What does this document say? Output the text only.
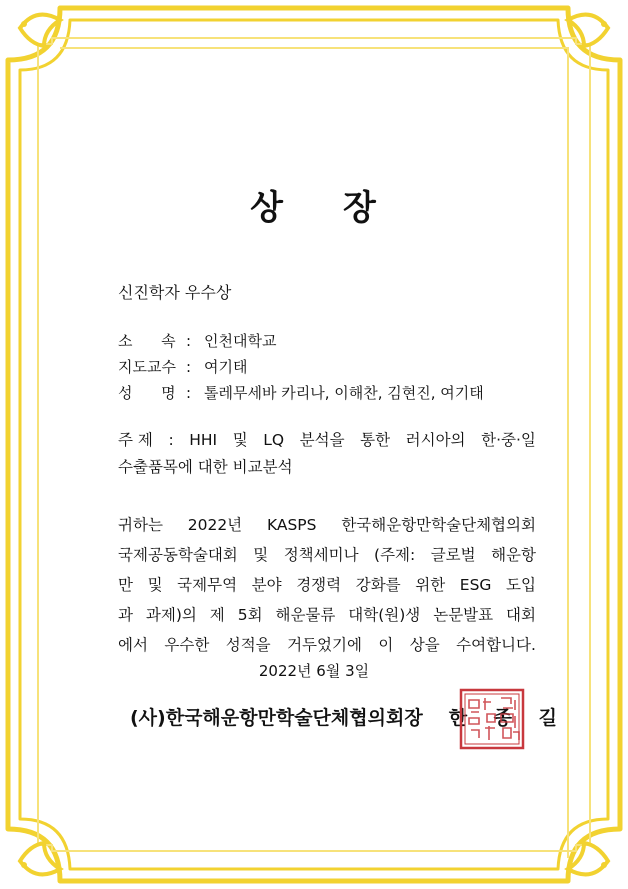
상 장
신진학자 우수상
소      속 : 인천대학교
지도교수 : 여기태
성      명 : 톨레무세바 카리나, 이해찬, 김현진, 여기태
주 제 : HHI 및 LQ 분석을 통한 러시아의 한·중·일
수출품목에 대한 비교분석
귀하는 2022년 KASPS 한국해운항만학술단체협의회
국제공동학술대회 및 정책세미나 (주제: 글로벌 해운항
만 및 국제무역 분야 경쟁력 강화를 위한 ESG 도입
과 과제)의 제 5회 해운물류 대학(원)생 논문발표 대회
에서 우수한 성적을 거두었기에 이 상을 수여합니다.
2022년 6월 3일
(사)한국해운항만학술단체협의회장 한 종 길
